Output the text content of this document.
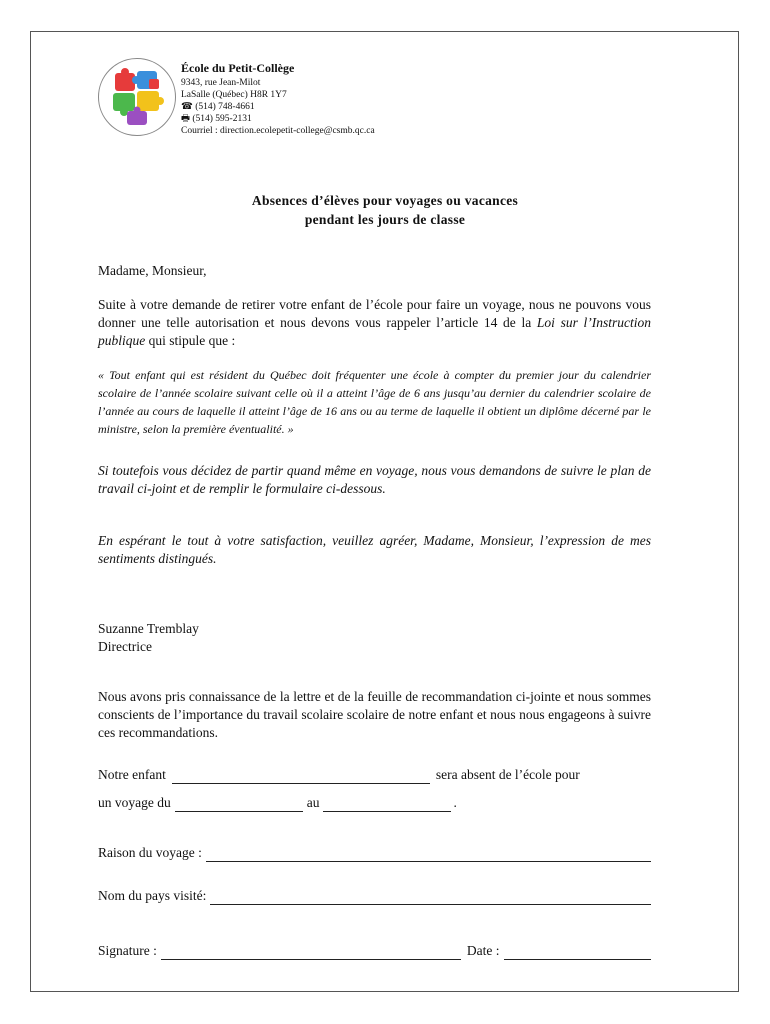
École du Petit-Collège
9343, rue Jean-Milot
LaSalle (Québec) H8R 1Y7
☎ (514) 748-4661
🖶 (514) 595-2131
Courriel : direction.ecolepetit-college@csmb.qc.ca
Absences d’élèves pour voyages ou vacances
pendant les jours de classe
Madame, Monsieur,
Suite à votre demande de retirer votre enfant de l’école pour faire un voyage, nous ne pouvons vous donner une telle autorisation et nous devons vous rappeler l’article 14 de la Loi sur l’Instruction publique qui stipule que :
« Tout enfant qui est résident du Québec doit fréquenter une école à compter du premier jour du calendrier scolaire de l’année scolaire suivant celle où il a atteint l’âge de 6 ans jusqu’au dernier du calendrier scolaire de l’année au cours de laquelle il atteint l’âge de 16 ans ou au terme de laquelle il obtient un diplôme décerné par le ministre, selon la première éventualité. »
Si toutefois vous décidez de partir quand même en voyage, nous vous demandons de suivre le plan de travail ci-joint et de remplir le formulaire ci-dessous.
En espérant le tout à votre satisfaction, veuillez agréer, Madame, Monsieur, l’expression de mes sentiments distingués.
Suzanne Tremblay
Directrice
Nous avons pris connaissance de la lettre et de la feuille de recommandation ci-jointe et nous sommes conscients de l’importance du travail scolaire scolaire de notre enfant et nous nous engageons à suivre ces recommandations.
Notre enfant	sera absent de l’école pour
un voyage du	au	.
Raison du voyage :
Nom du pays visité:
Signature :	Date :
